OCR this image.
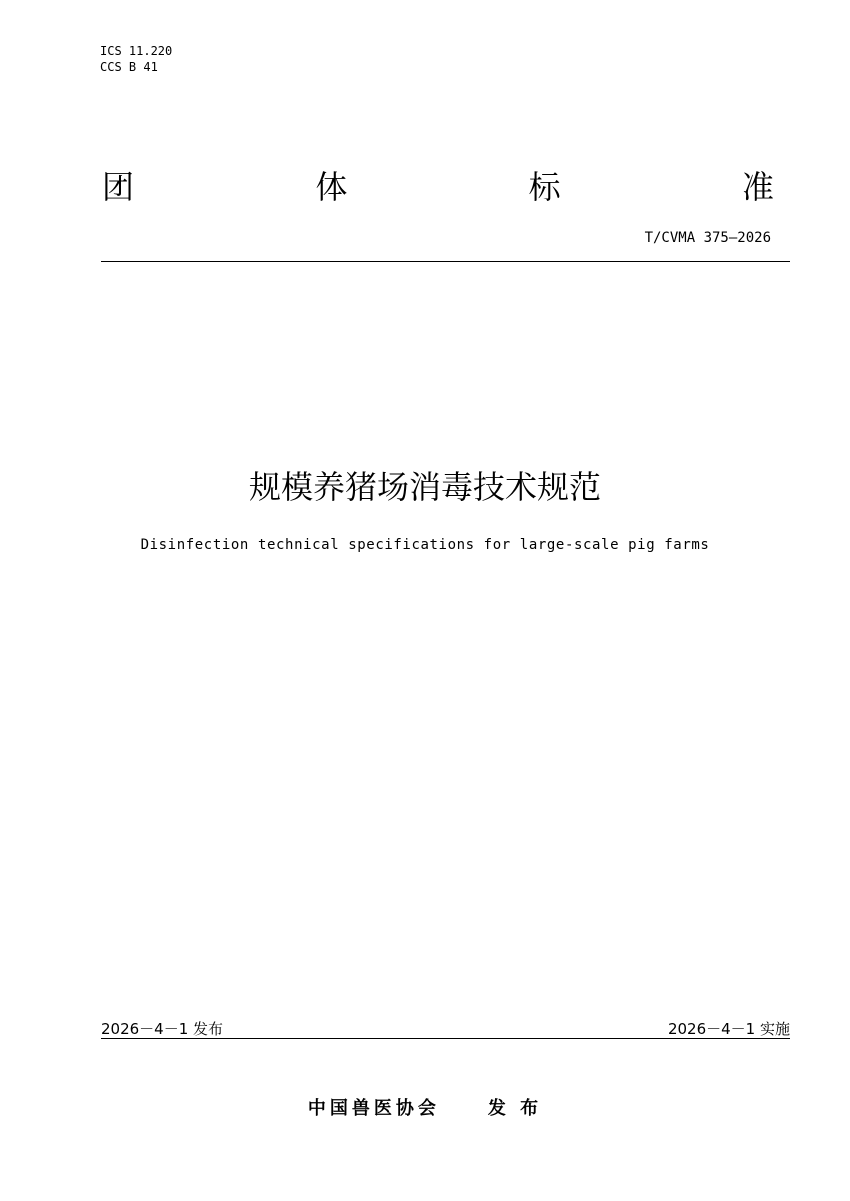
ICS 11.220
CCS B 41
团	体	标	准
T/CVMA 375—2026
规模养猪场消毒技术规范
Disinfection technical specifications for large-scale pig farms
2026－4－1 发布	2026－4－1 实施
中国兽医协会	发 布
